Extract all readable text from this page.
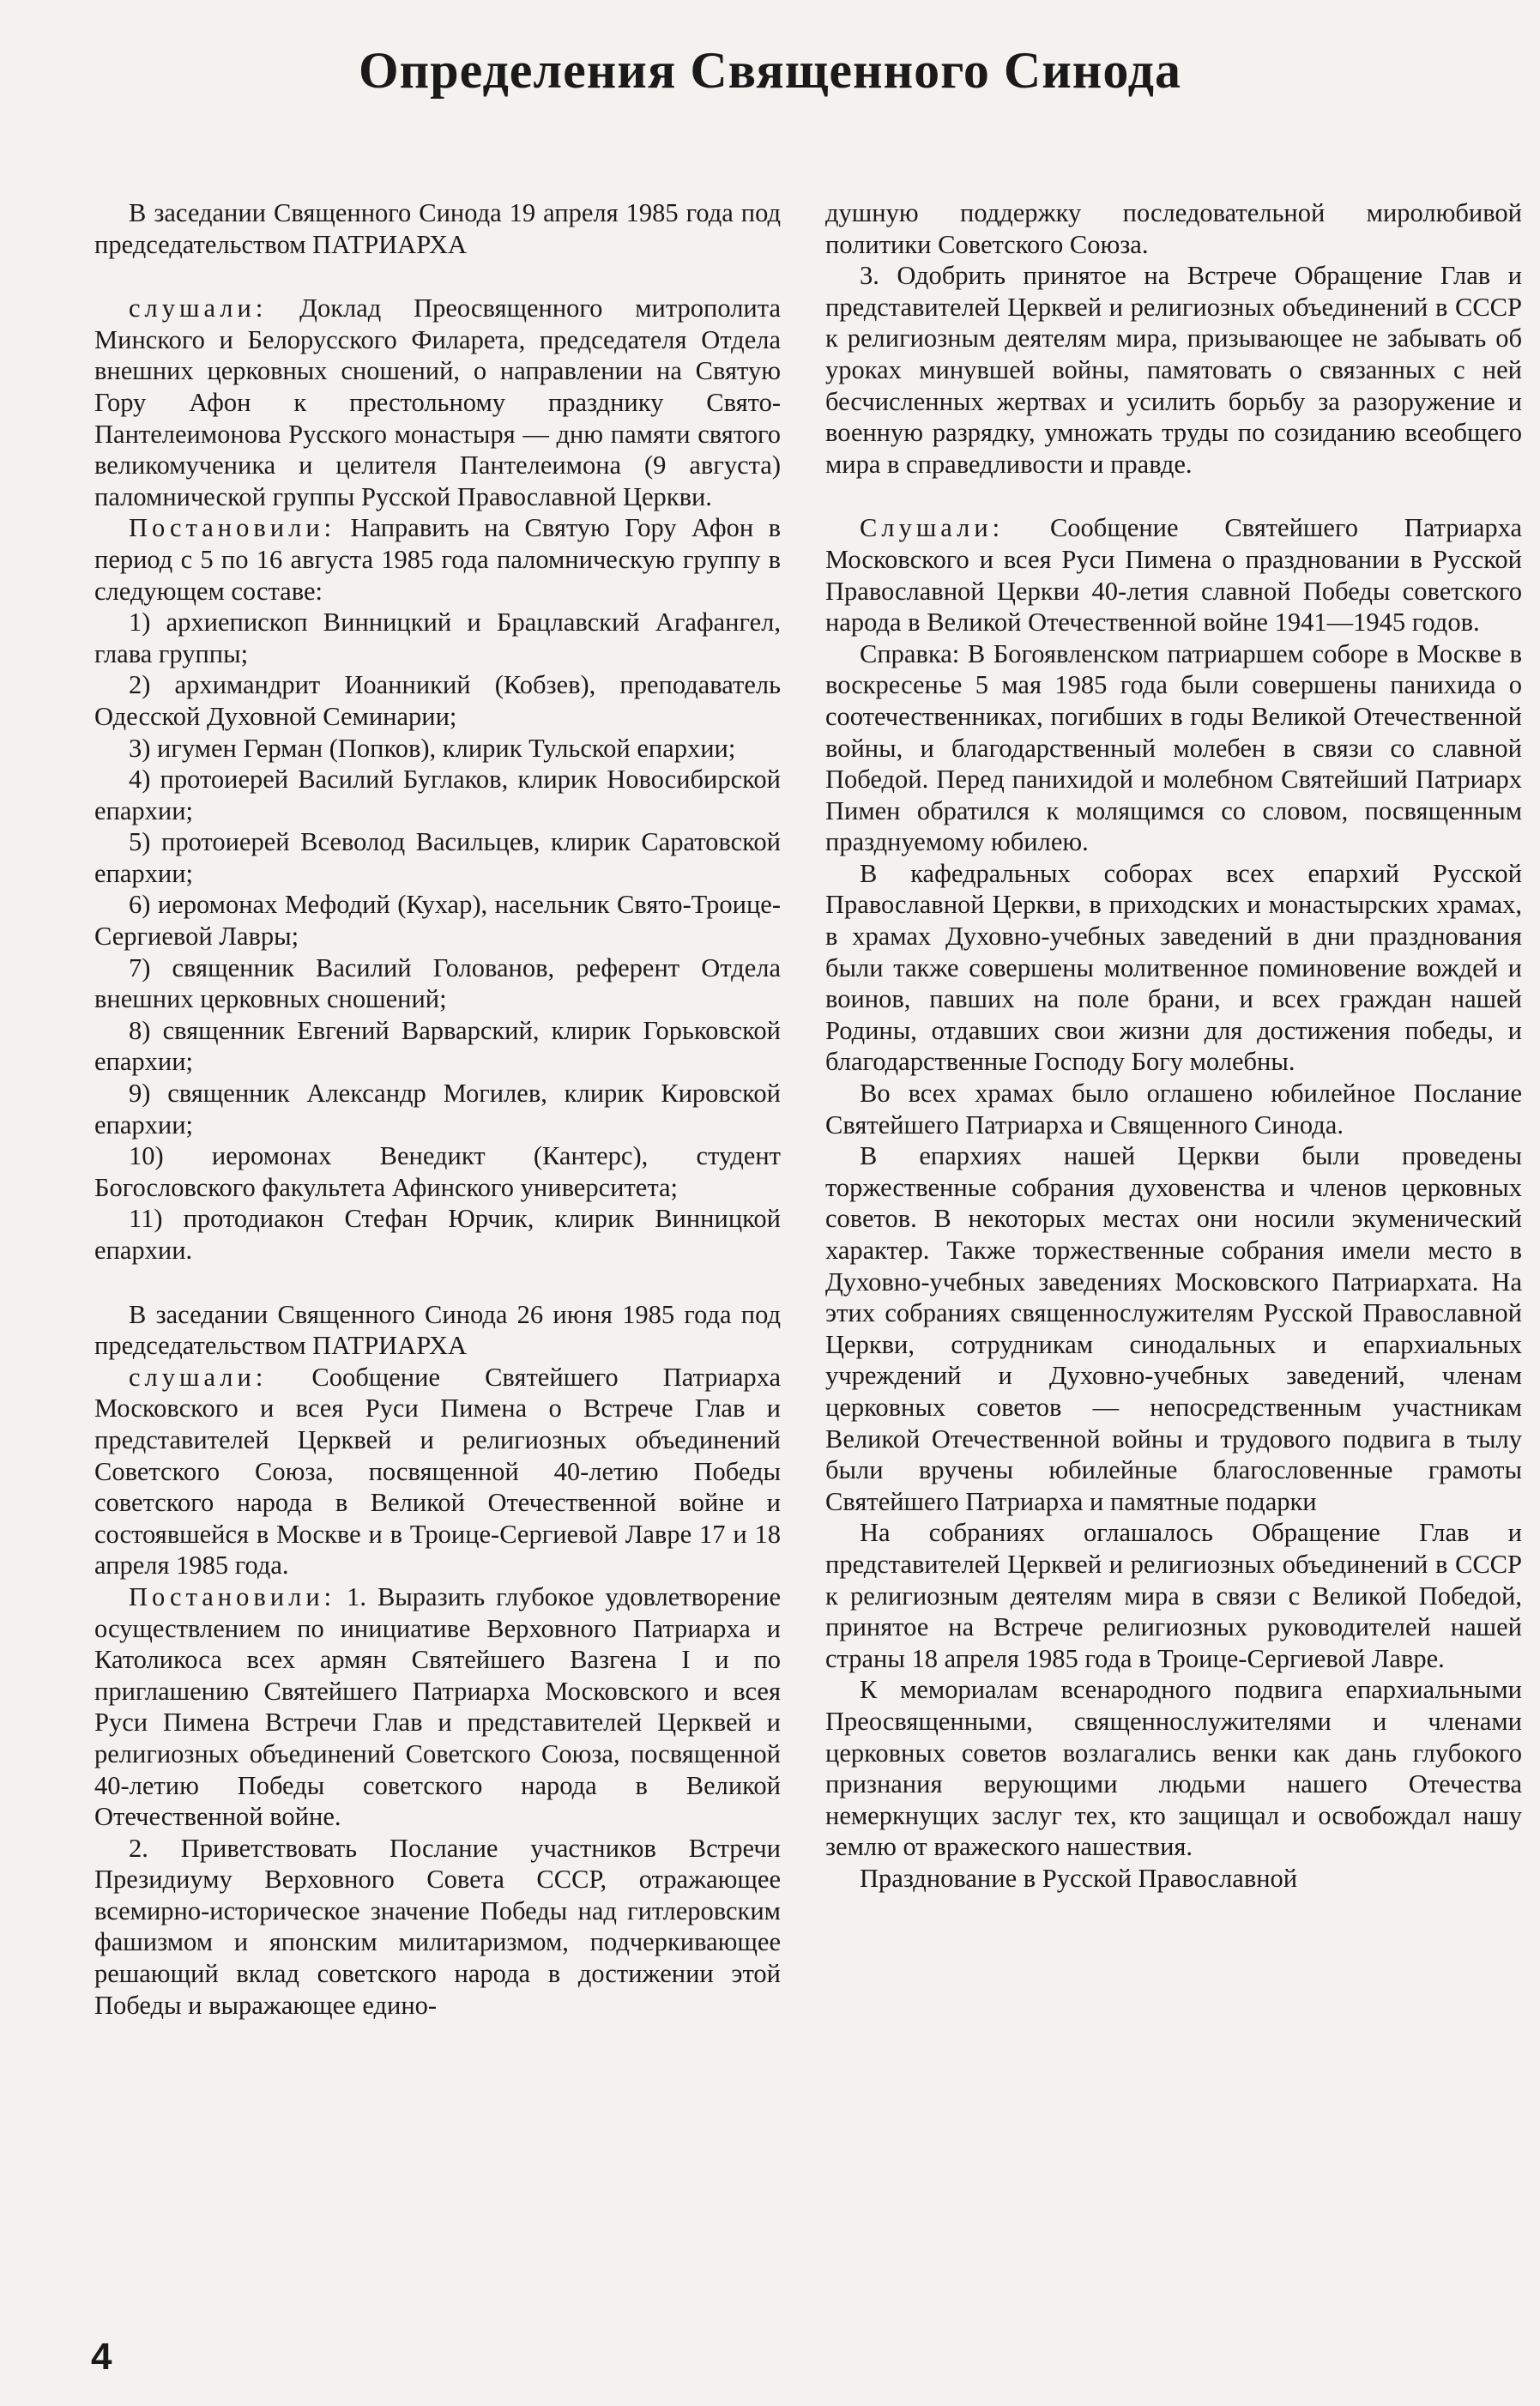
Определения Священного Синода

В заседании Священного Синода 19 апреля 1985 года под председательством ПАТРИАРХА

слушали: Доклад Преосвященного митрополита Минского и Белорусского Филарета, председателя Отдела внешних церковных сношений, о направлении на Святую Гору Афон к престольному празднику Свято-Пантелеимонова Русского монастыря — дню памяти святого великомученика и целителя Пантелеимона (9 августа) паломнической группы Русской Православной Церкви.

Постановили: Направить на Святую Гору Афон в период с 5 по 16 августа 1985 года паломническую группу в следующем составе:

1) архиепископ Винницкий и Брацлавский Агафангел, глава группы;

2) архимандрит Иоанникий (Кобзев), преподаватель Одесской Духовной Семинарии;

3) игумен Герман (Попков), клирик Тульской епархии;

4) протоиерей Василий Буглаков, клирик Новосибирской епархии;

5) протоиерей Всеволод Васильцев, клирик Саратовской епархии;

6) иеромонах Мефодий (Кухар), насельник Свято-Троице-Сергиевой Лавры;

7) священник Василий Голованов, референт Отдела внешних церковных сношений;

8) священник Евгений Варварский, клирик Горьковской епархии;

9) священник Александр Могилев, клирик Кировской епархии;

10) иеромонах Венедикт (Кантерс), студент Богословского факультета Афинского университета;

11) протодиакон Стефан Юрчик, клирик Винницкой епархии.

В заседании Священного Синода 26 июня 1985 года под председательством ПАТРИАРХА

слушали: Сообщение Святейшего Патриарха Московского и всея Руси Пимена о Встрече Глав и представителей Церквей и религиозных объединений Советского Союза, посвященной 40-летию Победы советского народа в Великой Отечественной войне и состоявшейся в Москве и в Троице-Сергиевой Лавре 17 и 18 апреля 1985 года.

Постановили: 1. Выразить глубокое удовлетворение осуществлением по инициативе Верховного Патриарха и Католикоса всех армян Святейшего Вазгена I и по приглашению Святейшего Патриарха Московского и всея Руси Пимена Встречи Глав и представителей Церквей и религиозных объединений Советского Союза, посвященной 40-летию Победы советского народа в Великой Отечественной войне.

2. Приветствовать Послание участников Встречи Президиуму Верховного Совета СССР, отражающее всемирно-историческое значение Победы над гитлеровским фашизмом и японским милитаризмом, подчеркивающее решающий вклад советского народа в достижении этой Победы и выражающее едино-

душную поддержку последовательной миролюбивой политики Советского Союза.

3. Одобрить принятое на Встрече Обращение Глав и представителей Церквей и религиозных объединений в СССР к религиозным деятелям мира, призывающее не забывать об уроках минувшей войны, памятовать о связанных с ней бесчисленных жертвах и усилить борьбу за разоружение и военную разрядку, умножать труды по созиданию всеобщего мира в справедливости и правде.

Слушали: Сообщение Святейшего Патриарха Московского и всея Руси Пимена о праздновании в Русской Православной Церкви 40-летия славной Победы советского народа в Великой Отечественной войне 1941—1945 годов.

Справка: В Богоявленском патриаршем соборе в Москве в воскресенье 5 мая 1985 года были совершены панихида о соотечественниках, погибших в годы Великой Отечественной войны, и благодарственный молебен в связи со славной Победой. Перед панихидой и молебном Святейший Патриарх Пимен обратился к молящимся со словом, посвященным празднуемому юбилею.

В кафедральных соборах всех епархий Русской Православной Церкви, в приходских и монастырских храмах, в храмах Духовно-учебных заведений в дни празднования были также совершены молитвенное поминовение вождей и воинов, павших на поле брани, и всех граждан нашей Родины, отдавших свои жизни для достижения победы, и благодарственные Господу Богу молебны.

Во всех храмах было оглашено юбилейное Послание Святейшего Патриарха и Священного Синода.

В епархиях нашей Церкви были проведены торжественные собрания духовенства и членов церковных советов. В некоторых местах они носили экуменический характер. Также торжественные собрания имели место в Духовно-учебных заведениях Московского Патриархата. На этих собраниях священнослужителям Русской Православной Церкви, сотрудникам синодальных и епархиальных учреждений и Духовно-учебных заведений, членам церковных советов — непосредственным участникам Великой Отечественной войны и трудового подвига в тылу были вручены юбилейные благословенные грамоты Святейшего Патриарха и памятные подарки

На собраниях оглашалось Обращение Глав и представителей Церквей и религиозных объединений в СССР к религиозным деятелям мира в связи с Великой Победой, принятое на Встрече религиозных руководителей нашей страны 18 апреля 1985 года в Троице-Сергиевой Лавре.

К мемориалам всенародного подвига епархиальными Преосвященными, священнослужителями и членами церковных советов возлагались венки как дань глубокого признания верующими людьми нашего Отечества немеркнущих заслуг тех, кто защищал и освобождал нашу землю от вражеского нашествия.

Празднование в Русской Православной

4
